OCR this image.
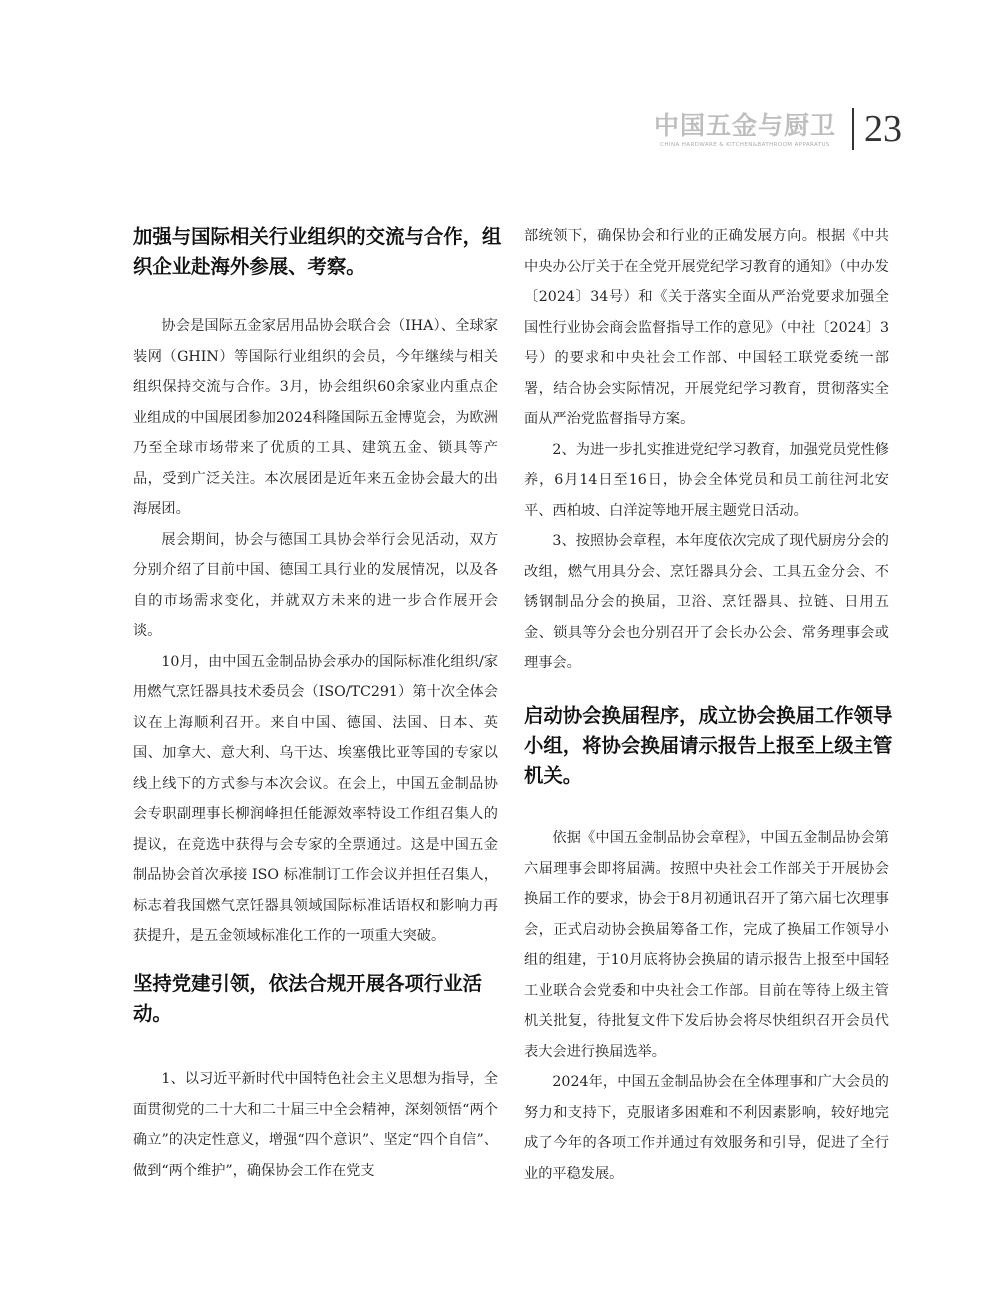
中国五金与厨卫
CHINA HARDWARE & KITCHEN&BATHROOM APPARATUS 23
加强与国际相关行业组织的交流与合作，组织企业赴海外参展、考察。

协会是国际五金家居用品协会联合会（IHA）、全球家装网（GHIN）等国际行业组织的会员，今年继续与相关组织保持交流与合作。3月，协会组织60余家业内重点企业组成的中国展团参加2024科隆国际五金博览会，为欧洲乃至全球市场带来了优质的工具、建筑五金、锁具等产品，受到广泛关注。本次展团是近年来五金协会最大的出海展团。

展会期间，协会与德国工具协会举行会见活动，双方分别介绍了目前中国、德国工具行业的发展情况，以及各自的市场需求变化，并就双方未来的进一步合作展开会谈。

10月，由中国五金制品协会承办的国际标准化组织/家用燃气烹饪器具技术委员会（ISO/TC291）第十次全体会议在上海顺利召开。来自中国、德国、法国、日本、英国、加拿大、意大利、乌干达、埃塞俄比亚等国的专家以线上线下的方式参与本次会议。在会上，中国五金制品协会专职副理事长柳润峰担任能源效率特设工作组召集人的提议，在竞选中获得与会专家的全票通过。这是中国五金制品协会首次承接 ISO 标准制订工作会议并担任召集人，标志着我国燃气烹饪器具领域国际标准话语权和影响力再获提升，是五金领域标准化工作的一项重大突破。

坚持党建引领，依法合规开展各项行业活动。

1、以习近平新时代中国特色社会主义思想为指导，全面贯彻党的二十大和二十届三中全会精神，深刻领悟“两个确立”的决定性意义，增强“四个意识”、坚定“四个自信”、做到“两个维护”，确保协会工作在党支

部统领下，确保协会和行业的正确发展方向。根据《中共中央办公厅关于在全党开展党纪学习教育的通知》（中办发〔2024〕34号）和《关于落实全面从严治党要求加强全国性行业协会商会监督指导工作的意见》（中社〔2024〕3号）的要求和中央社会工作部、中国轻工联党委统一部署，结合协会实际情况，开展党纪学习教育，贯彻落实全面从严治党监督指导方案。

2、为进一步扎实推进党纪学习教育，加强党员党性修养，6月14日至16日，协会全体党员和员工前往河北安平、西柏坡、白洋淀等地开展主题党日活动。

3、按照协会章程，本年度依次完成了现代厨房分会的改组，燃气用具分会、烹饪器具分会、工具五金分会、不锈钢制品分会的换届，卫浴、烹饪器具、拉链、日用五金、锁具等分会也分别召开了会长办公会、常务理事会或理事会。

启动协会换届程序，成立协会换届工作领导小组，将协会换届请示报告上报至上级主管机关。

依据《中国五金制品协会章程》，中国五金制品协会第六届理事会即将届满。按照中央社会工作部关于开展协会换届工作的要求，协会于8月初通讯召开了第六届七次理事会，正式启动协会换届筹备工作，完成了换届工作领导小组的组建，于10月底将协会换届的请示报告上报至中国轻工业联合会党委和中央社会工作部。目前在等待上级主管机关批复，待批复文件下发后协会将尽快组织召开会员代表大会进行换届选举。

2024年，中国五金制品协会在全体理事和广大会员的努力和支持下，克服诸多困难和不利因素影响，较好地完成了今年的各项工作并通过有效服务和引导，促进了全行业的平稳发展。
